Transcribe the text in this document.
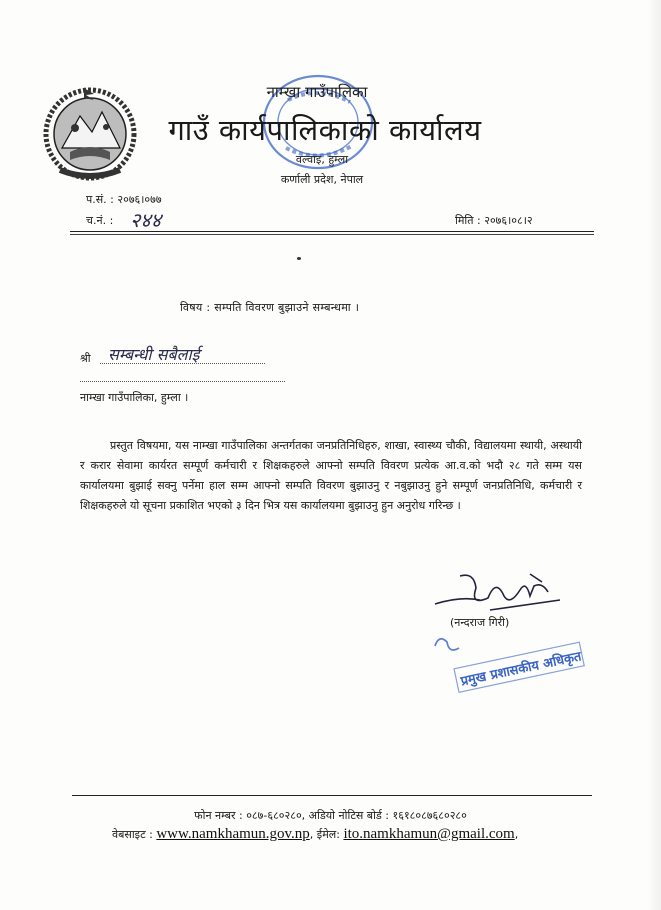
नाम्खा गाउँपालिका
गाउँ कार्यपालिकाको कार्यालय
वल्वाइ, हुम्ला
कर्णाली प्रदेश, नेपाल
प.सं. : २०७६।०७७
च.नं. : २४४	मिति : २०७६।०८।२
विषय : सम्पति विवरण बुझाउने सम्बन्धमा ।
श्री सम्बन्धी सबैलाई
नाम्खा गाउँपालिका, हुम्ला ।

प्रस्तुत विषयमा, यस नाम्खा गाउँपालिका अन्तर्गतका जनप्रतिनिधिहरु, शाखा, स्वास्थ्य चौकी, विद्यालयमा स्थायी, अस्थायी र करार सेवामा कार्यरत सम्पूर्ण कर्मचारी र शिक्षकहरुले आफ्नो सम्पति विवरण प्रत्येक आ.व.को भदौ २८ गते सम्म यस कार्यालयमा बुझाई सक्नु पर्नेमा हाल सम्म आफ्नो सम्पति विवरण बुझाउनु र नबुझाउनु हुने सम्पूर्ण जनप्रतिनिधि, कर्मचारी र शिक्षकहरुले यो सूचना प्रकाशित भएको ३ दिन भित्र यस कार्यालयमा बुझाउनु हुन अनुरोध गरिन्छ ।

(नन्दराज गिरी)
प्रमुख प्रशासकीय अधिकृत
फोन नम्बर : ०८७-६८०२८०, अडियो नोटिस बोर्ड : १६१८०८७६८०२८०
वेबसाइट : www.namkhamun.gov.np, ईमेल: ito.namkhamun@gmail.com,
